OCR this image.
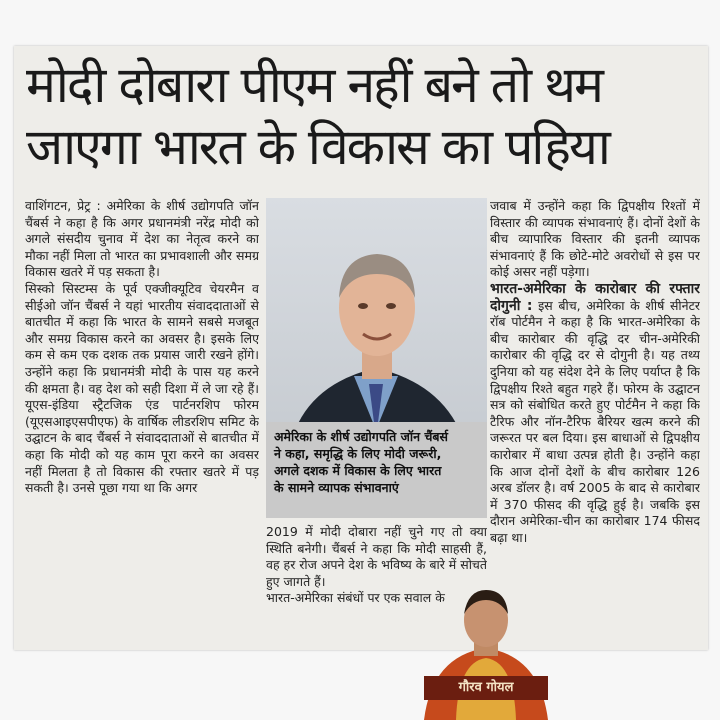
मोदी दोबारा पीएम नहीं बने तो थम
जाएगा भारत के विकास का पहिया

वाशिंगटन, प्रेट्र : अमेरिका के शीर्ष उद्योगपति जॉन चैंबर्स ने कहा है कि अगर प्रधानमंत्री नरेंद्र मोदी को अगले संसदीय चुनाव में देश का नेतृत्व करने का मौका नहीं मिला तो भारत का प्रभावशाली और समग्र विकास खतरे में पड़ सकता है।

सिस्को सिस्टम्स के पूर्व एक्जीक्यूटिव चेयरमैन व सीईओ जॉन चैंबर्स ने यहां भारतीय संवाददाताओं से बातचीत में कहा कि भारत के सामने सबसे मजबूत और समग्र विकास करने का अवसर है। इसके लिए कम से कम एक दशक तक प्रयास जारी रखने होंगे। उन्होंने कहा कि प्रधानमंत्री मोदी के पास यह करने की क्षमता है। वह देश को सही दिशा में ले जा रहे हैं। यूएस-इंडिया स्ट्रैटजिक एंड पार्टनरशिप फोरम (यूएसआइएसपीएफ) के वार्षिक लीडरशिप समिट के उद्घाटन के बाद चैंबर्स ने संवाददाताओं से बातचीत में कहा कि मोदी को यह काम पूरा करने का अवसर नहीं मिलता है तो विकास की रफ्तार खतरे में पड़ सकती है। उनसे पूछा गया था कि अगर

अमेरिका के शीर्ष उद्योगपति जॉन चैंबर्स
ने कहा, समृद्धि के लिए मोदी जरूरी,
अगले दशक में विकास के लिए भारत
के सामने व्यापक संभावनाएं

2019 में मोदी दोबारा नहीं चुने गए तो क्या स्थिति बनेगी। चैंबर्स ने कहा कि मोदी साहसी हैं, वह हर रोज अपने देश के भविष्य के बारे में सोचते हुए जागते हैं।

भारत-अमेरिका संबंधों पर एक सवाल के

जवाब में उन्होंने कहा कि द्विपक्षीय रिश्तों में विस्तार की व्यापक संभावनाएं हैं। दोनों देशों के बीच व्यापारिक विस्तार की इतनी व्यापक संभावनाएं हैं कि छोटे-मोटे अवरोधों से इस पर कोई असर नहीं पड़ेगा।

भारत-अमेरिका के कारोबार की रफ्तार दोगुनी : इस बीच, अमेरिका के शीर्ष सीनेटर रॉब पोर्टमैन ने कहा है कि भारत-अमेरिका के बीच कारोबार की वृद्धि दर चीन-अमेरिकी कारोबार की वृद्धि दर से दोगुनी है। यह तथ्य दुनिया को यह संदेश देने के लिए पर्याप्त है कि द्विपक्षीय रिश्ते बहुत गहरे हैं। फोरम के उद्घाटन सत्र को संबोधित करते हुए पोर्टमैन ने कहा कि टैरिफ और नॉन-टैरिफ बैरियर खत्म करने की जरूरत पर बल दिया। इस बाधाओं से द्विपक्षीय कारोबार में बाधा उत्पन्न होती है। उन्होंने कहा कि आज दोनों देशों के बीच कारोबार 126 अरब डॉलर है। वर्ष 2005 के बाद से कारोबार में 370 फीसद की वृद्धि हुई है। जबकि इस दौरान अमेरिका-चीन का कारोबार 174 फीसद बढ़ा था।

गौरव गोयल
